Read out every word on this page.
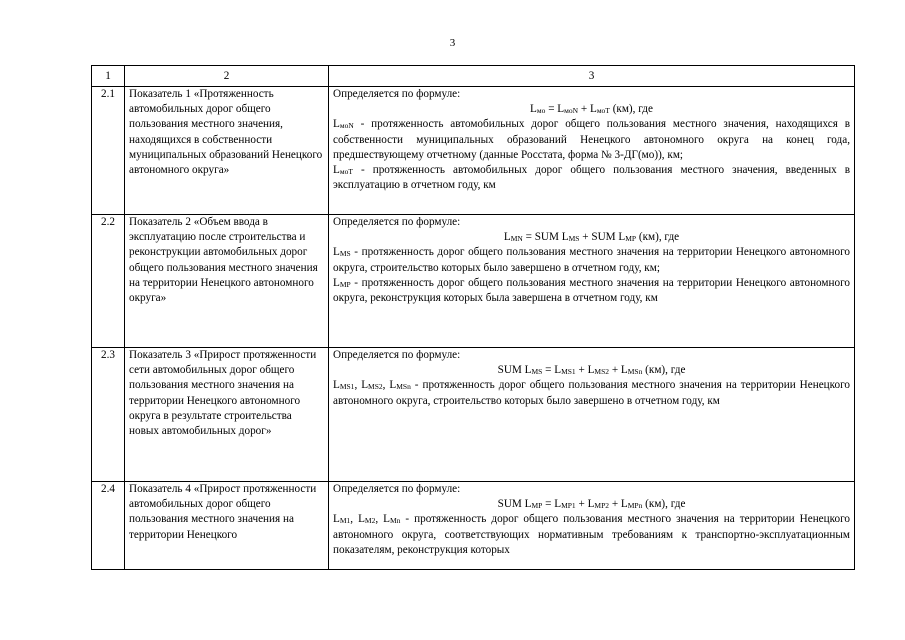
3
1	2	3
2.1	Показатель 1 «Протяженность автомобильных дорог общего пользования местного значения, находящихся в собственности муниципальных образований Ненецкого автономного округа»	Определяется по формуле:
$L_{мо} = L_{моN} + L_{моТ}$ (км), где
$L_{моN}$ - протяженность автомобильных дорог общего пользования местного значения, находящихся в собственности муниципальных образований Ненецкого автономного округа на конец года, предшествующему отчетному (данные Росстата, форма № 3-ДГ(мо)), км;
$L_{моТ}$ - протяженность автомобильных дорог общего пользования местного значения, введенных в эксплуатацию в отчетном году, км

2.2	Показатель 2 «Объем ввода в эксплуатацию после строительства и реконструкции автомобильных дорог общего пользования местного значения на территории Ненецкого автономного округа»	Определяется по формуле:
$L_{MN}$ = SUM $L_{MS}$ + SUM $L_{MP}$ (км), где
$L_{MS}$ - протяженность дорог общего пользования местного значения на территории Ненецкого автономного округа, строительство которых было завершено в отчетном году, км;
$L_{MP}$ - протяженность дорог общего пользования местного значения на территории Ненецкого автономного округа, реконструкция которых была завершена в отчетном году, км

2.3	Показатель 3 «Прирост протяженности сети автомобильных дорог общего пользования местного значения на территории Ненецкого автономного округа в результате строительства новых автомобильных дорог»	Определяется по формуле:
SUM $L_{MS} = L_{MS1} + L_{MS2} + L_{MSn}$ (км), где
$L_{MS1}$, $L_{MS2}$, $L_{MSn}$ - протяженность дорог общего пользования местного значения на территории Ненецкого автономного округа, строительство которых было завершено в отчетном году, км

2.4	Показатель 4 «Прирост протяженности автомобильных дорог общего пользования местного значения на территории Ненецкого	Определяется по формуле:
SUM $L_{MP} = L_{MP1} + L_{MP2} + L_{MPn}$ (км), где
$L_{M1}$, $L_{M2}$, $L_{Mn}$ - протяженность дорог общего пользования местного значения на территории Ненецкого автономного округа, соответствующих нормативным требованиям к транспортно-эксплуатационным показателям, реконструкция которых
